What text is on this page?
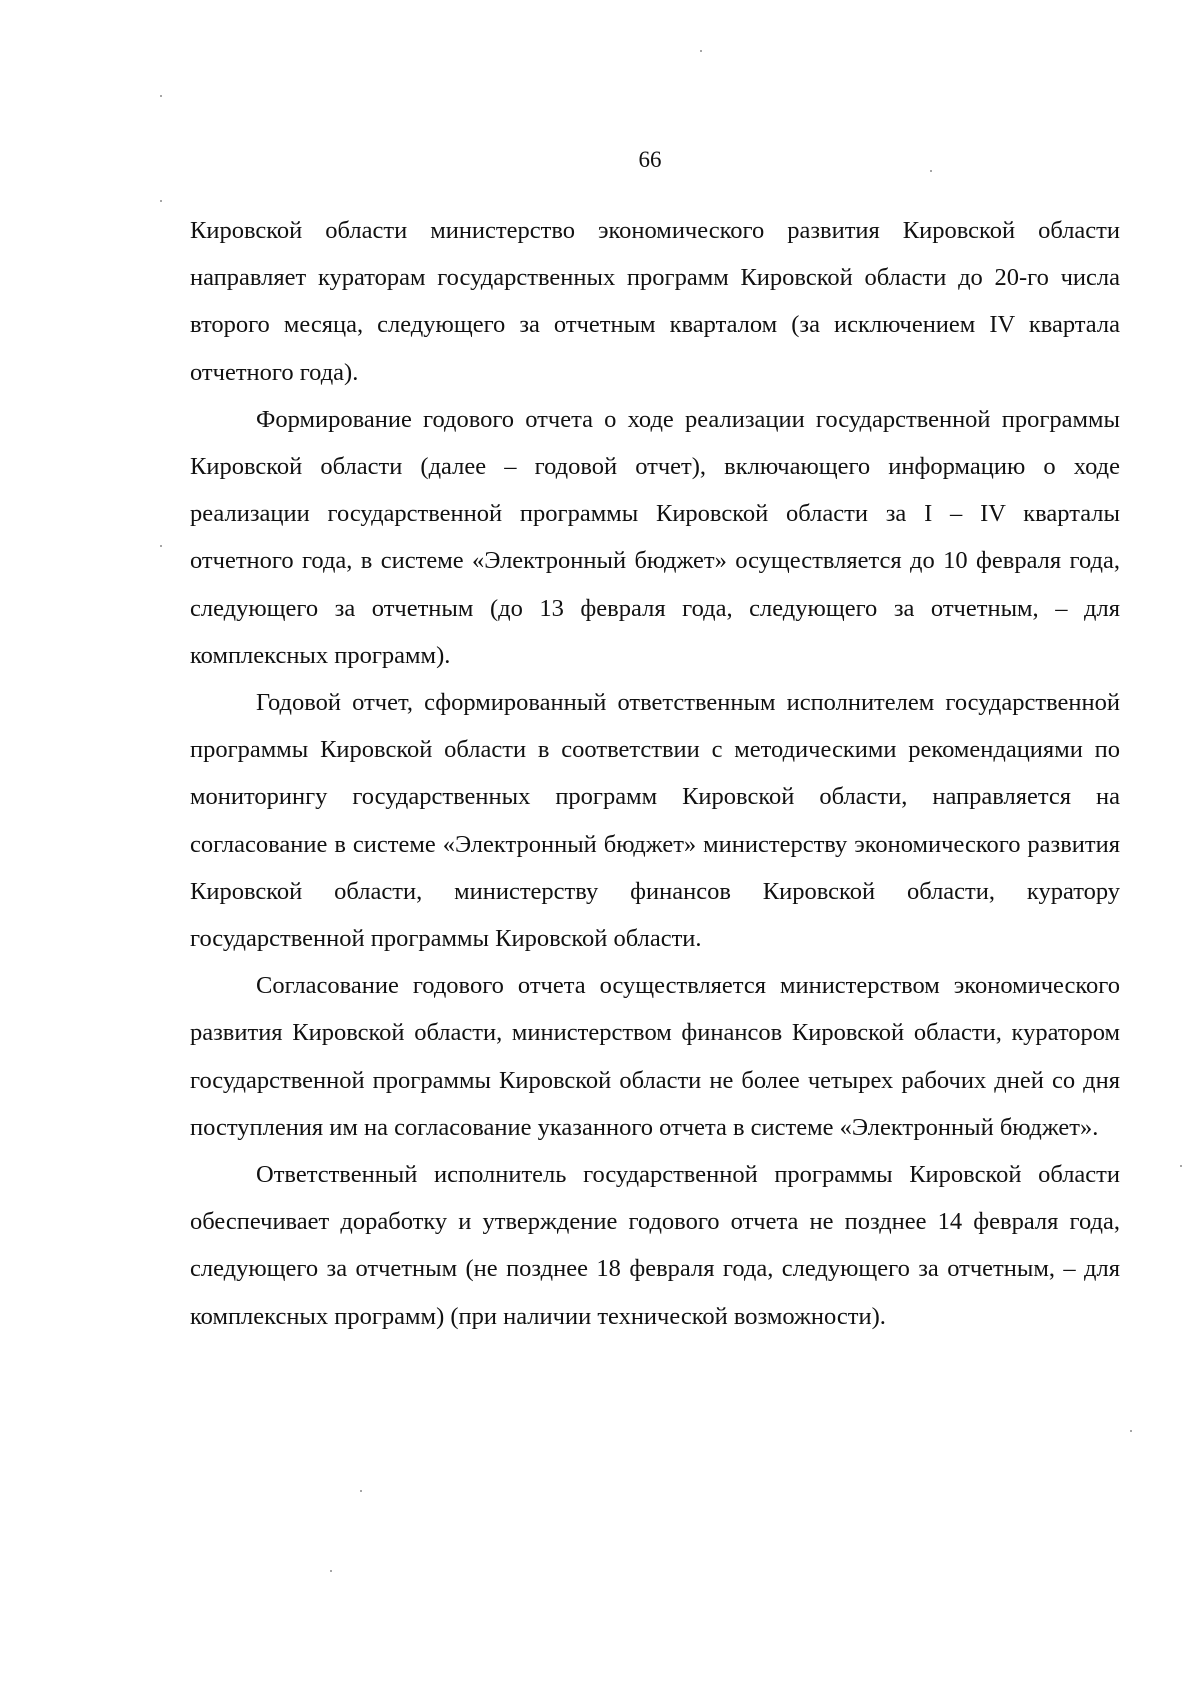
66

Кировской области министерство экономического развития Кировской области направляет кураторам государственных программ Кировской области до 20-го числа второго месяца, следующего за отчетным кварталом (за исключением IV квартала отчетного года).

Формирование годового отчета о ходе реализации государственной программы Кировской области (далее – годовой отчет), включающего информацию о ходе реализации государственной программы Кировской области за I – IV кварталы отчетного года, в системе «Электронный бюджет» осуществляется до 10 февраля года, следующего за отчетным (до 13 февраля года, следующего за отчетным, – для комплексных программ).

Годовой отчет, сформированный ответственным исполнителем государственной программы Кировской области в соответствии с методическими рекомендациями по мониторингу государственных программ Кировской области, направляется на согласование в системе «Электронный бюджет» министерству экономического развития Кировской области, министерству финансов Кировской области, куратору государственной программы Кировской области.

Согласование годового отчета осуществляется министерством экономического развития Кировской области, министерством финансов Кировской области, куратором государственной программы Кировской области не более четырех рабочих дней со дня поступления им на согласование указанного отчета в системе «Электронный бюджет».

Ответственный исполнитель государственной программы Кировской области обеспечивает доработку и утверждение годового отчета не позднее 14 февраля года, следующего за отчетным (не позднее 18 февраля года, следующего за отчетным, – для комплексных программ) (при наличии технической возможности).
